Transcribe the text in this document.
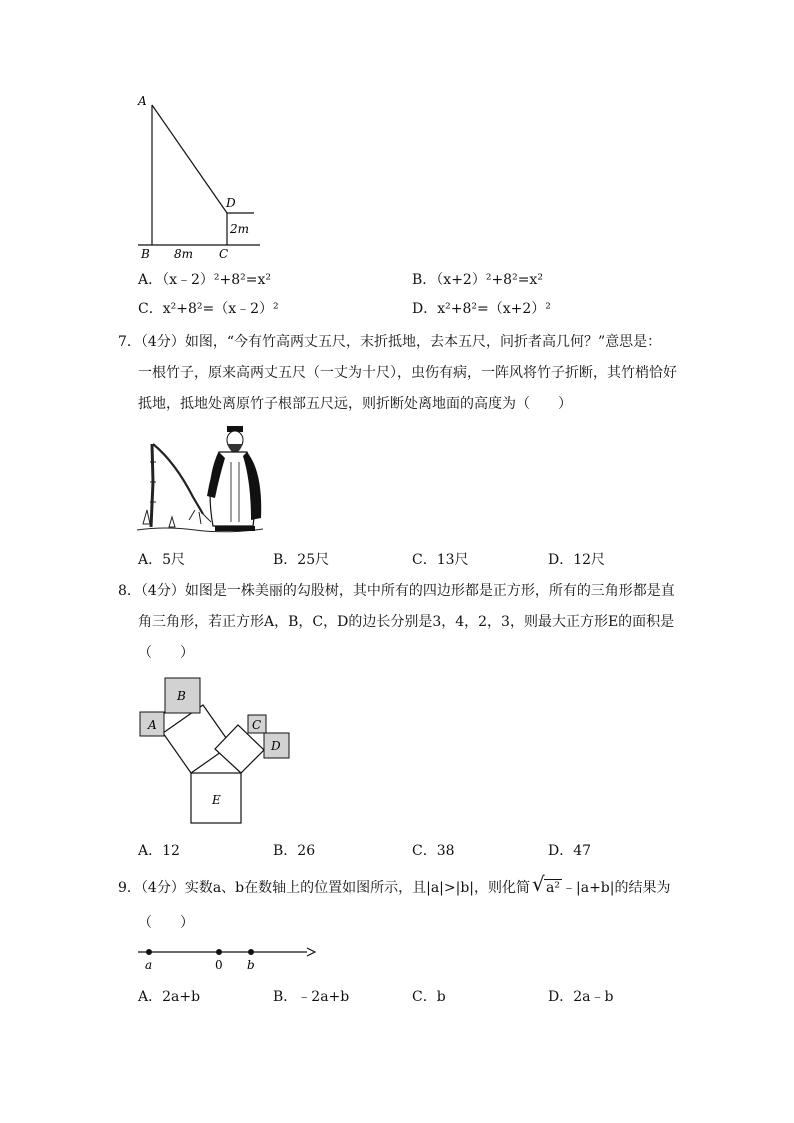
A
D
2m
B 8m C
A．（x﹣2）²+8²=x²	B．（x+2）²+8²=x²
C．x²+8²=（x﹣2）²	D．x²+8²=（x+2）²
7．（4分）如图，“今有竹高两丈五尺，末折抵地，去本五尺，问折者高几何？”意思是：
一根竹子，原来高两丈五尺（一丈为十尺），虫伤有病，一阵风将竹子折断，其竹梢恰好
抵地，抵地处离原竹子根部五尺远，则折断处离地面的高度为（　　）
A．5尺	B．25尺	C．13尺	D．12尺
8．（4分）如图是一株美丽的勾股树，其中所有的四边形都是正方形，所有的三角形都是直
角三角形，若正方形A，B，C，D的边长分别是3，4，2，3，则最大正方形E的面积是
（　　）
A
B
C
D
E
A．12	B．26	C．38	D．47
9．（4分）实数a、b在数轴上的位置如图所示，且|a|>|b|，则化简 √ a² ﹣|a+b|的结果为
（　　）
a	0 b
A．2a+b	B．﹣2a+b	C．b	D．2a﹣b
